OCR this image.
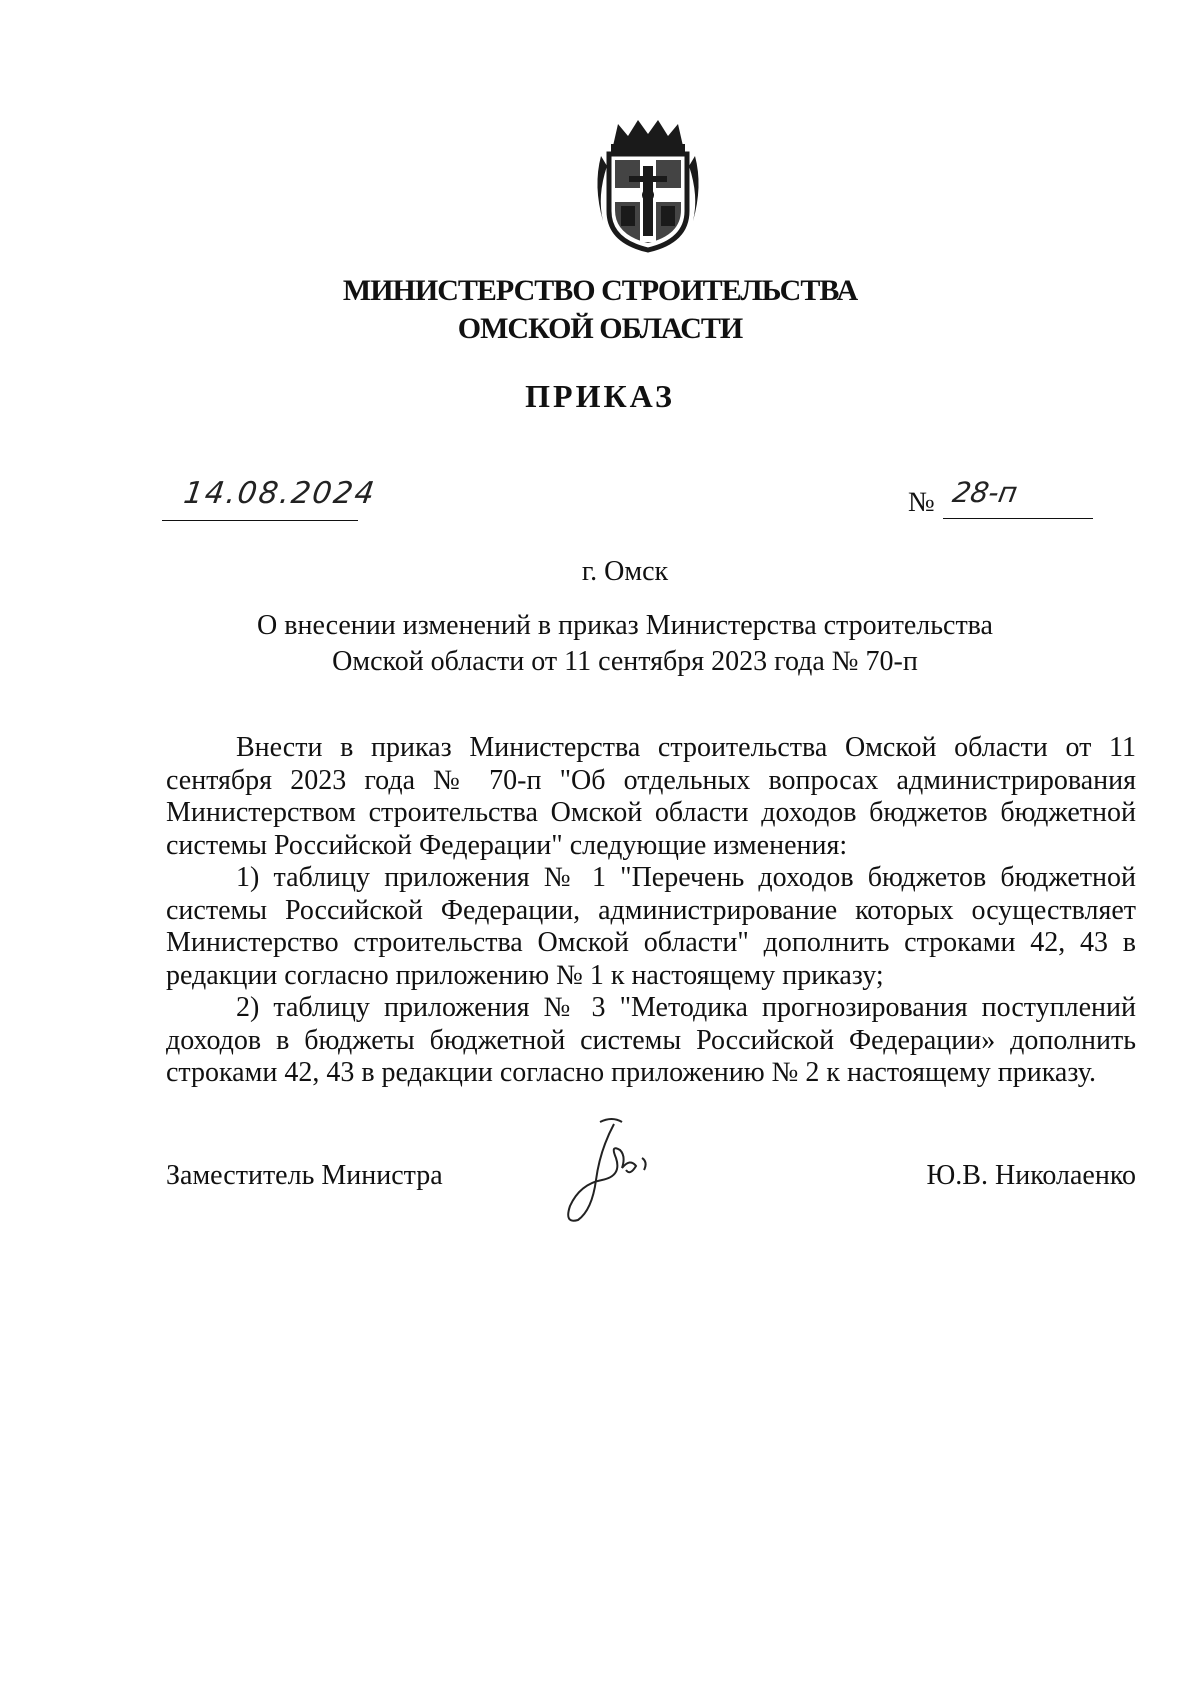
МИНИСТЕРСТВО СТРОИТЕЛЬСТВА
ОМСКОЙ ОБЛАСТИ
ПРИКАЗ
14.08.2024	№ 28-п
г. Омск
О внесении изменений в приказ Министерства строительства
Омской области от 11 сентября 2023 года № 70-п

Внести в приказ Министерства строительства Омской области от 11 сентября 2023 года № 70-п "Об отдельных вопросах администрирования Министерством строительства Омской области доходов бюджетов бюджетной системы Российской Федерации" следующие изменения:

1) таблицу приложения № 1 "Перечень доходов бюджетов бюджетной системы Российской Федерации, администрирование которых осуществляет Министерство строительства Омской области" дополнить строками 42, 43 в редакции согласно приложению № 1 к настоящему приказу;

2) таблицу приложения № 3 "Методика прогнозирования поступлений доходов в бюджеты бюджетной системы Российской Федерации» дополнить строками 42, 43 в редакции согласно приложению № 2 к настоящему приказу.

Заместитель Министра	Ю.В. Николаенко
